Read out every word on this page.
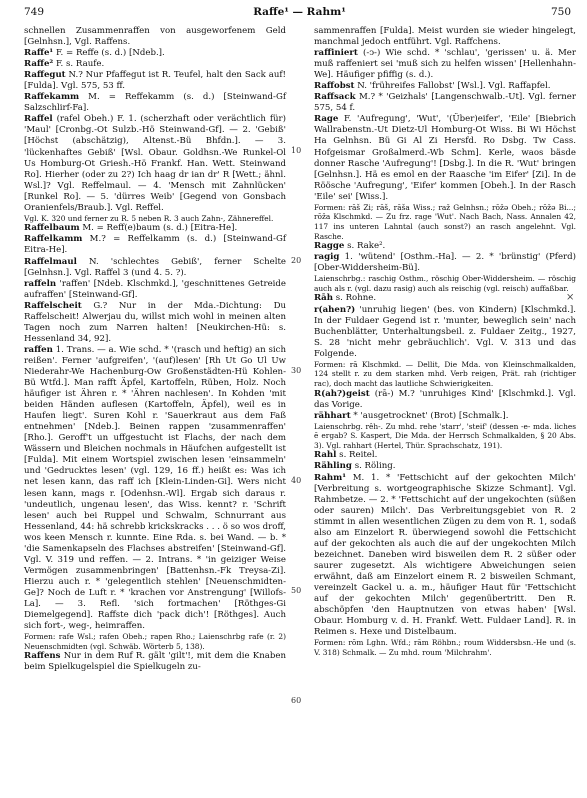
749	Raffe¹ — Rahm¹	750

schnellen Zusammenraffen von ausgeworfenem Geld [Gelnhsn.], Vgl. Raffens.

Raffe¹ F. = Reffe (s. d.) [Ndeb.].

Raffe² F. s. Raufe.

Raffegut N.? Nur Pfaffegut ist R. Teufel, halt den Sack auf! [Fulda]. Vgl. 575, 53 ff.

Raffekamm M. = Reffekamm (s. d.) [Steinwand-Gf Salzschlirf-Fa].

Raffel (rafel Obeh.) F. 1. (scherzhaft oder verächtlich für) 'Maul' [Cronbg.-Ot Sulzb.-Hö Steinwand-Gf]. — 2. 'Gebiß' [Höchst (abschätzig), Altenst.-Bü Bhfdn.]. — 3. 'lückenhaftes Gebiß' [Wsl. Obaur. Goldhsn.-We Runkel-Ol Us Homburg-Ot Griesh.-Hö Frankf. Han. Wett. Steinwand Ro]. Hierher (oder zu 2?) Ich haag dr ian dr' R [Wett.; ähnl. Wsl.]? Vgl. Reffelmaul. — 4. 'Mensch mit Zahnlücken' [Runkel Ro]. — 5. 'dürres Weib' [Gegend von Gonsbach Oranienfels/Braub.]. Vgl. Reffel.

Vgl. K. 320 und ferner zu R. 5 neben R. 3 auch Zahn-, Zähnereffel.

Raffelbaum M. = Reff(e)baum (s. d.) [Eitra-He].

Raffelkamm M.? = Reffelkamm (s. d.) [Steinwand-Gf Eitra-He].

Raffelmaul N. 'schlechtes Gebiß', ferner Schelte [Gelnhsn.]. Vgl. Raffel 3 (und 4. 5. ?).

raffeln 'raffen' [Ndeb. Klschmkd.], 'geschnittenes Getreide aufraffen' [Steinwand-Gf].

Raffelscheit G.? Nur in der Mda.-Dichtung: Du Raffelscheit! Alwerjau du, willst mich wohl in meinen alten Tagen noch zum Narren halten! [Neukirchen-Hü: s. Hessenland 34, 92].

raffen 1. Trans. — a. Wie schd. * '(rasch und heftig) an sich reißen'. Ferner 'aufgreifen', '(auf)lesen' [Rh Ut Go Ul Uw Niederahr-We Hachenburg-Ow Großenstädten-Hü Kohlen-Bü Wtfd.]. Man rafft Äpfel, Kartoffeln, Rüben, Holz. Noch häufiger ist Ähren r. * 'Ähren nachlesen'. In Kohden 'mit beiden Händen auflesen (Kartoffeln, Äpfel), weil es in Haufen liegt'. Suren Kohl r. 'Sauerkraut aus dem Faß entnehmen' [Ndeb.]. Beinen rappen 'zusammenraffen' [Rho.]. Geroff't un uffgestucht ist Flachs, der nach dem Wässern und Bleichen nochmals in Häufchen aufgestellt ist [Fulda]. Mit einem Wortspiel zwischen lesen 'einsammeln' und 'Gedrucktes lesen' (vgl. 129, 16 ff.) heißt es: Was ich net lesen kann, das raff ich [Klein-Linden-Gi]. Wers nicht lesen kann, mags r. [Odenhsn.-Wl]. Ergab sich daraus r. 'undeutlich, ungenau lesen', das Wiss. kennt? r. 'Schrift lesen' auch bei Ruppel und Schwalm, Schnurrant aus Hessenland, 44: hä schrebb krickskracks . . . ö so wos droff, wos keen Mensch r. kunnte. Eine Rda. s. bei Wand. — b. * 'die Samenkapseln des Flachses abstreifen' [Steinwand-Gf]. Vgl. V. 319 und reffen. — 2. Intrans. * 'in geiziger Weise Vermögen zusammenbringen' [Battenhsn.-Fk Treysa-Zi]. Hierzu auch r. * 'gelegentlich stehlen' [Neuenschmidten-Ge]? Noch de Luft r. * 'krachen vor Anstrengung' [Willofs-La]. — 3. Refl. 'sich fortmachen' [Röthges-Gi Diemelgegend]. Raffste dich 'pack dich'! [Röthges]. Auch sich fort-, weg-, heimraffen.

Formen: rafe Wsl.; rafen Obeh.; rapen Rho.; Laienschrbg rafe (r. 2) Neuenschmidten (vgl. Schwäb. Wörterb 5, 138).

Raffens Nur in dem Ruf R. gält 'gilt'!, mit dem die Knaben beim Spielkugelspiel die Spielkugeln zu-

sammenraffen [Fulda]. Meist wurden sie wieder hingelegt, manchmal jedoch entführt. Vgl. Raffchens.

raffiniert (-ↄ-) Wie schd. * 'schlau', 'gerissen' u. ä. Mer muß raffeniert sei 'muß sich zu helfen wissen' [Hellenhahn-We]. Häufiger pfiffig (s. d.).

Raffobst N. 'frühreifes Fallobst' [Wsl.]. Vgl. Raffapfel.

Raffsack M.? * 'Geizhals' [Langenschwalb.-Ut]. Vgl. ferner 575, 54 f.

Rage F. 'Aufregung', 'Wut', '(Über)eifer', 'Eile' [Biebrich Wallrabenstn.-Ut Dietz-Ul Homburg-Ot Wiss. Bi Wi Höchst Ha Gelnhsn. Bü Gi Al Zi Hersfd. Ro Dsbg. Tw Cass. Hofgeismar Großalmerd.-Wb Schm]. Kerle, waos bäsde donner Rasche 'Aufregung'! [Dsbg.]. In die R. 'Wut' bringen [Gelnhsn.]. Hä es emol en der Raasche 'im Eifer' [Zi]. In de Röösche 'Aufregung', 'Eifer' kommen [Obeh.]. In der Rasch 'Eile' sei' [Wiss.].

Formen: rāš Zi; rāš, rāša Wiss.; raž Gelnhsn.; rōžə Obeh.; rōžə Bi...; rōža Klschmkd. — Zu frz. rage 'Wut'. Nach Bach, Nass. Annalen 42, 117 ins unteren Lahntal (auch sonst?) an rasch angelehnt. Vgl. Rasche.

Ragge s. Rake².

ragig 1. 'wütend' [Osthm.-Ha]. — 2. * 'brünstig' (Pferd) [Ober-Widdersheim-Bü].

Laienschrbg.: raschig Osthm., röschig Ober-Widdersheim. — röschig auch als r. (vgl. dazu rasig) auch als reischig (vgl. reisch) auffaßbar.

Rāh s. Rohne.

r(ahen?) 'unruhig liegen' (bes. von Kindern) [Klschmkd.]. In der Fuldaer Gegend ist r. 'munter, beweglich sein' nach Buchenblätter, Unterhaltungsbeil. z. Fuldaer Zeitg., 1927, S. 28 'nicht mehr gebräuchlich'. Vgl. V. 313 und das Folgende.

Formen: rā Klschmkd. — Dellit, Die Mda. von Kleinschmalkalden, 124 stellt r. zu dem starken mhd. Verb reigen, Prät. rah (richtiger rac), doch macht das lautliche Schwierigkeiten.

R(ah?)geist (rā-) M.? 'unruhiges Kind' [Klschmkd.]. Vgl. das Vorige.

rähhart * 'ausgetrocknet' (Brot) [Schmalk.].

Laienschrbg. rêh-. Zu mhd. rehe 'starr', 'steif' (dessen -e- mda. liches ē ergab? S. Kaspert, Die Mda. der Herrsch Schmalkalden, § 20 Abs. 3). Vgl. rahhart (Hertel, Thür. Sprachschatz, 191).

Rahl s. Reitel.

Rähling s. Röling.

Rahm¹ M. 1. * 'Fettschicht auf der gekochten Milch' [Verbreitung s. wortgeographische Skizze Schmant]. Vgl. Rahmbetze. — 2. * 'Fettschicht auf der ungekochten (süßen oder sauren) Milch'. Das Verbreitungsgebiet von R. 2 stimmt in allen wesentlichen Zügen zu dem von R. 1, sodaß also am Einzelort R. überwiegend sowohl die Fettschicht auf der gekochten als auch die auf der ungekochten Milch bezeichnet. Daneben wird bisweilen dem R. 2 süßer oder saurer zugesetzt. Als wichtigere Abweichungen seien erwähnt, daß am Einzelort einem R. 2 bisweilen Schmant, vereinzelt Gackel u. a. m., häufiger Haut für 'Fettschicht auf der gekochten Milch' gegenübertritt. Den R. abschöpfen 'den Hauptnutzen von etwas haben' [Wsl. Obaur. Homburg v. d. H. Frankf. Wett. Fuldaer Land]. R. in Reimen s. Hexe und Distelbaum.

Formen: rōm Lghn. Wfd.; rām Röhbn.; roum Widdersbsn.-He und (s. V. 318) Schmalk. — Zu mhd. roum 'Milchrahm'.

10
20
30
40
50
60
×
